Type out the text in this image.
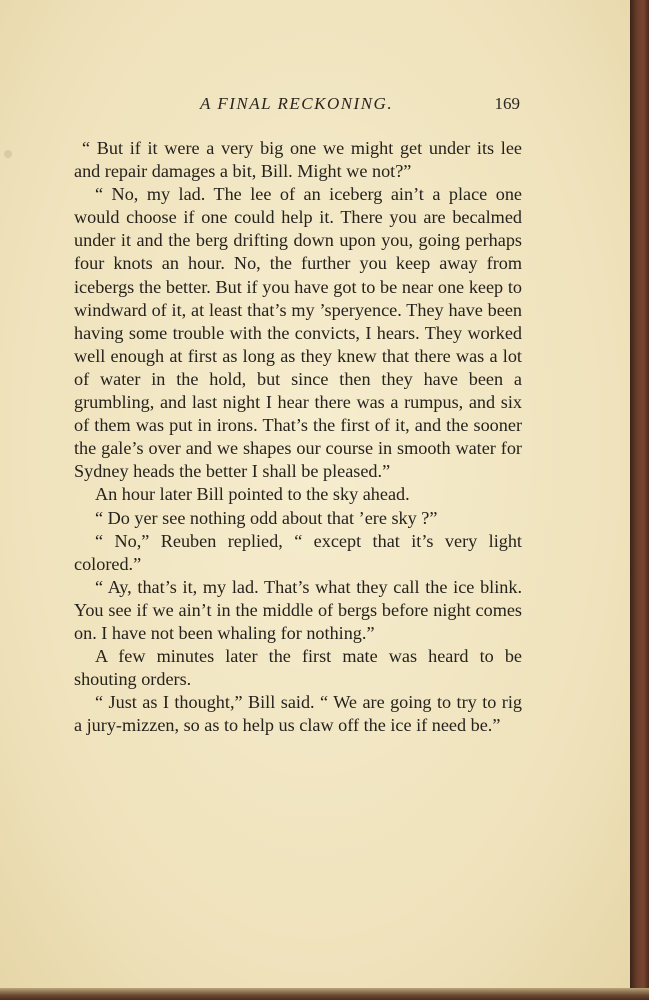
A FINAL RECKONING.	169

“ But if it were a very big one we might get under its lee and repair damages a bit, Bill. Might we not?”

“ No, my lad. The lee of an iceberg ain’t a place one would choose if one could help it. There you are becalmed under it and the berg drifting down upon you, going perhaps four knots an hour. No, the further you keep away from icebergs the better. But if you have got to be near one keep to windward of it, at least that’s my ’speryence. They have been having some trouble with the convicts, I hears. They worked well enough at first as long as they knew that there was a lot of water in the hold, but since then they have been a grumbling, and last night I hear there was a rumpus, and six of them was put in irons. That’s the first of it, and the sooner the gale’s over and we shapes our course in smooth water for Sydney heads the better I shall be pleased.”

An hour later Bill pointed to the sky ahead.

“ Do yer see nothing odd about that ’ere sky ?”

“ No,” Reuben replied, “ except that it’s very light colored.”

“ Ay, that’s it, my lad. That’s what they call the ice blink. You see if we ain’t in the middle of bergs before night comes on. I have not been whaling for nothing.”

A few minutes later the first mate was heard to be shouting orders.

“ Just as I thought,” Bill said. “ We are going to try to rig a jury-mizzen, so as to help us claw off the ice if need be.”
